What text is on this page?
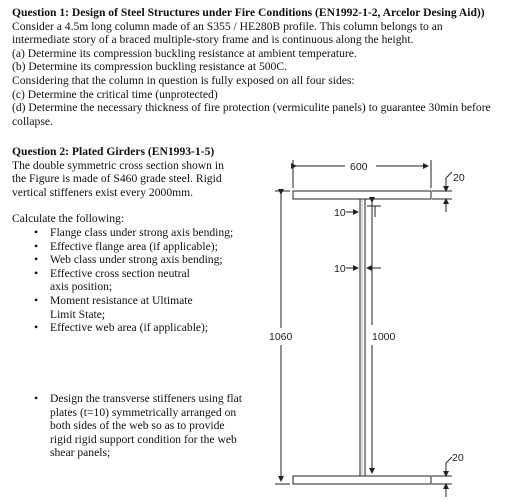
Question 1: Design of Steel Structures under Fire Conditions (EN1992-1-2, Arcelor Desing Aid))

Consider a 4.5m long column made of an S355 / HE280B profile. This column belongs to an

intermediate story of a braced multiple-story frame and is continuous along the height.

(a) Determine its compression buckling resistance at ambient temperature.

(b) Determine its compression buckling resistance at 500C.

Considering that the column in question is fully exposed on all four sides:

(c) Determine the critical time (unprotected)

(d) Determine the necessary thickness of fire protection (vermiculite panels) to guarantee 30min before

collapse.

Question 2: Plated Girders (EN1993-1-5)

The double symmetric cross section shown in

the Figure is made of S460 grade steel. Rigid

vertical stiffeners exist every 2000mm.

Calculate the following:

• Flange class under strong axis bending;
• Effective flange area (if applicable);
• Web class under strong axis bending;
• Effective cross section neutral axis position;
• Moment resistance at Ultimate Limit State;
• Effective web area (if applicable);
• Design the transverse stiffeners using flat plates (t=10) symmetrically arranged on both sides of the web so as to provide rigid rigid support condition for the web shear panels;
600
20
10
10
1060	1000
20
